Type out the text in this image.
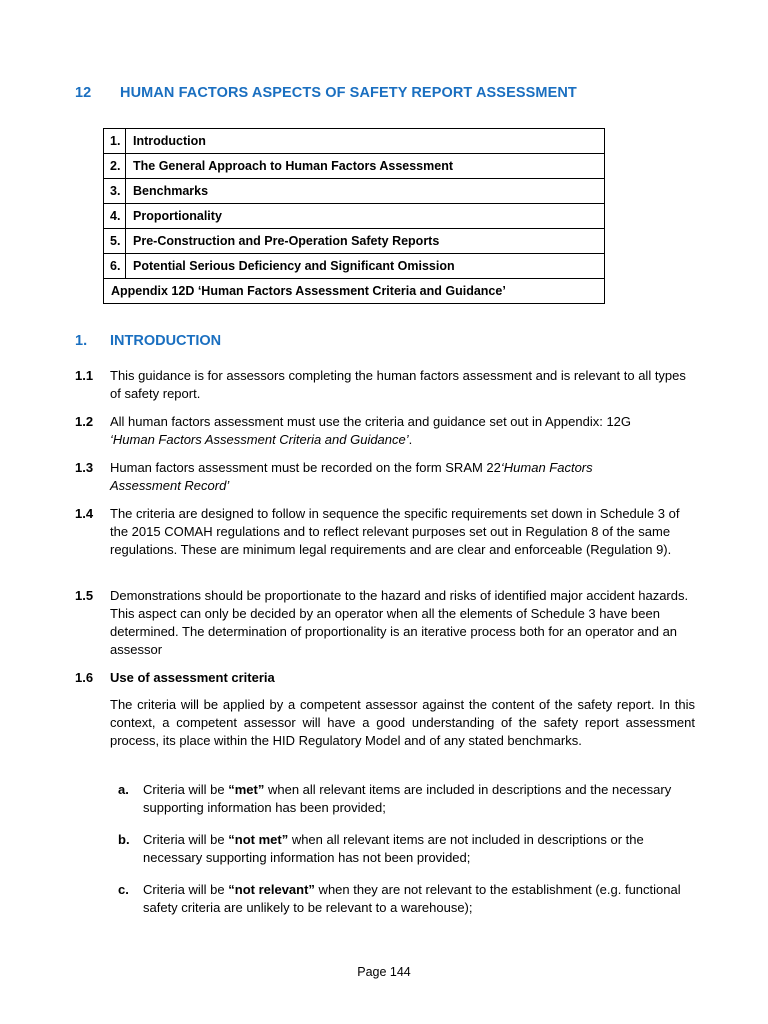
12 HUMAN FACTORS ASPECTS OF SAFETY REPORT ASSESSMENT
1.	Introduction
2.	The General Approach to Human Factors Assessment
3.	Benchmarks
4.	Proportionality
5.	Pre-Construction and Pre-Operation Safety Reports
6.	Potential Serious Deficiency and Significant Omission
Appendix 12D ‘Human Factors Assessment Criteria and Guidance’	
1. INTRODUCTION
1.1 This guidance is for assessors completing the human factors assessment and is relevant to all types of safety report.
1.2 All human factors assessment must use the criteria and guidance set out in Appendix: 12G
‘Human Factors Assessment Criteria and Guidance’.
1.3 Human factors assessment must be recorded on the form SRAM 22‘Human Factors Assessment Record’
1.4 The criteria are designed to follow in sequence the specific requirements set down in Schedule 3 of the 2015 COMAH regulations and to reflect relevant purposes set out in Regulation 8 of the same regulations. These are minimum legal requirements and are clear and enforceable (Regulation 9).
1.5 Demonstrations should be proportionate to the hazard and risks of identified major accident hazards. This aspect can only be decided by an operator when all the elements of Schedule 3 have been determined. The determination of proportionality is an iterative process both for an operator and an assessor
1.6 Use of assessment criteria
The criteria will be applied by a competent assessor against the content of the safety report. In this context, a competent assessor will have a good understanding of the safety report assessment process, its place within the HID Regulatory Model and of any stated benchmarks.
a. Criteria will be “met” when all relevant items are included in descriptions and the necessary supporting information has been provided;
b. Criteria will be “not met” when all relevant items are not included in descriptions or the necessary supporting information has not been provided;
c. Criteria will be “not relevant” when they are not relevant to the establishment (e.g. functional safety criteria are unlikely to be relevant to a warehouse);
Page 144
